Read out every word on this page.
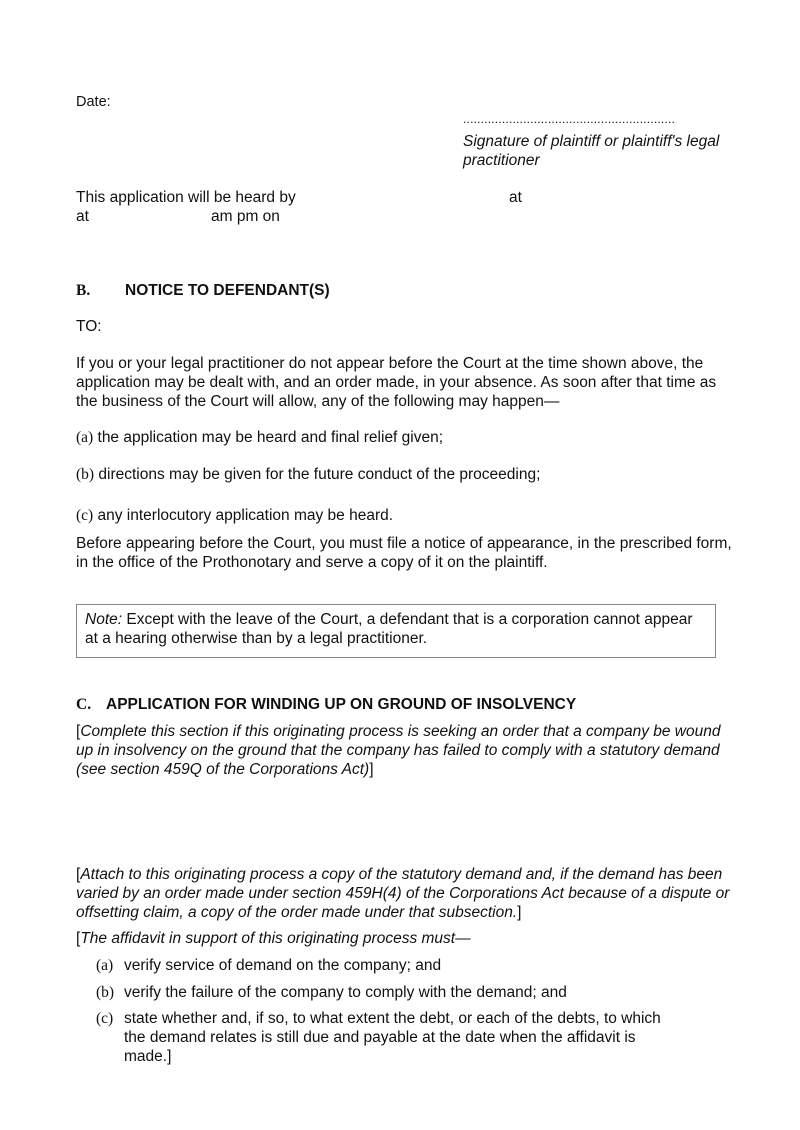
Date:
............................................................
Signature of plaintiff or plaintiff's legal
practitioner
This application will be heard by	at
at	am pm on
B. NOTICE TO DEFENDANT(S)
TO:
If you or your legal practitioner do not appear before the Court at the time shown above, the application may be dealt with, and an order made, in your absence. As soon after that time as the business of the Court will allow, any of the following may happen—
(a) the application may be heard and final relief given;
(b) directions may be given for the future conduct of the proceeding;
(c) any interlocutory application may be heard.
Before appearing before the Court, you must file a notice of appearance, in the prescribed form, in the office of the Prothonotary and serve a copy of it on the plaintiff.
Note: Except with the leave of the Court, a defendant that is a corporation cannot appear at a hearing otherwise than by a legal practitioner.
C. APPLICATION FOR WINDING UP ON GROUND OF INSOLVENCY
[Complete this section if this originating process is seeking an order that a company be wound up in insolvency on the ground that the company has failed to comply with a statutory demand (see section 459Q of the Corporations Act)]
[Attach to this originating process a copy of the statutory demand and, if the demand has been varied by an order made under section 459H(4) of the Corporations Act because of a dispute or offsetting claim, a copy of the order made under that subsection.]
[The affidavit in support of this originating process must—
(a) verify service of demand on the company; and
(b) verify the failure of the company to comply with the demand; and
(c) state whether and, if so, to what extent the debt, or each of the debts, to which the demand relates is still due and payable at the date when the affidavit is made.]
